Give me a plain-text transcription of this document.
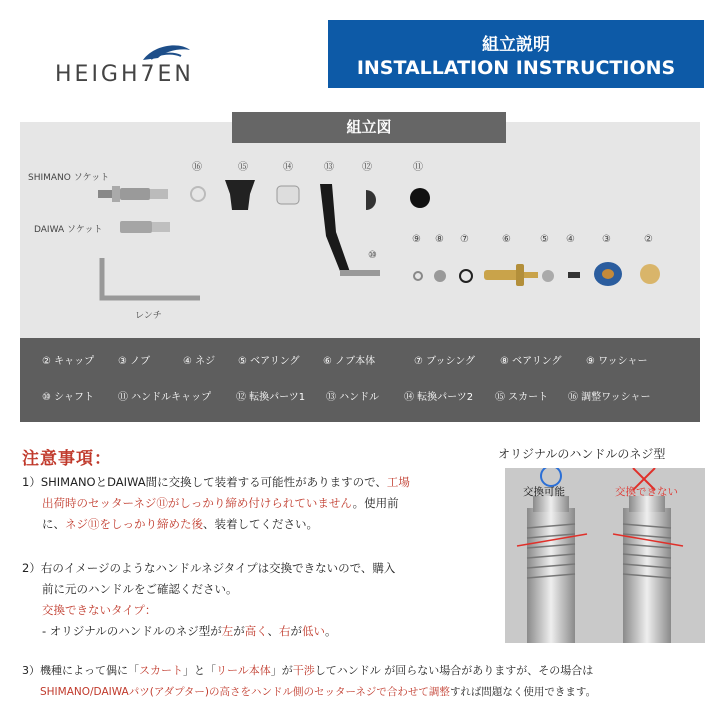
HEIGH7EN
組立説明
INSTALLATION INSTRUCTIONS
SHIMANO ソケット
DAIWA ソケット
レンチ
⑯	⑮	⑭	⑬	⑫	⑪
⑩
⑨ ⑧ ⑦	⑥	⑤ ④	③	②
組立図
② キャップ ③ ノブ	④ ネジ ⑤ ベアリング ⑥ ノブ本体	⑦ ブッシング	⑧ ベアリング ⑨ ワッシャー
⑩ シャフト ⑪ ハンドルキャップ ⑫ 転換パーツ1 ⑬ ハンドル ⑭ 転換パーツ2 ⑮ スカート ⑯ 調整ワッシャー
注意事項：
1）SHIMANOとDAIWA間に交換して装着する可能性がありますので、工場
出荷時のセッターネジ⑪がしっかり締め付けられていません。使用前
に、ネジ⑪をしっかり締めた後、装着してください。
2）右のイメージのようなハンドルネジタイプは交換できないので、購入
前に元のハンドルをご確認ください。
交換できないタイプ：
- オリジナルのハンドルのネジ型が左が高く、右が低い。
3）機種によって偶に「スカート」と「リール本体」が干渉してハンドル が回らない場合がありますが、その場合は
SHIMANO/DAIWAパツ(アダプター)の高さをハンドル側のセッターネジで合わせて調整すれば問題なく使用できます。
オリジナルのハンドルのネジ型
交換可能	交換できない
